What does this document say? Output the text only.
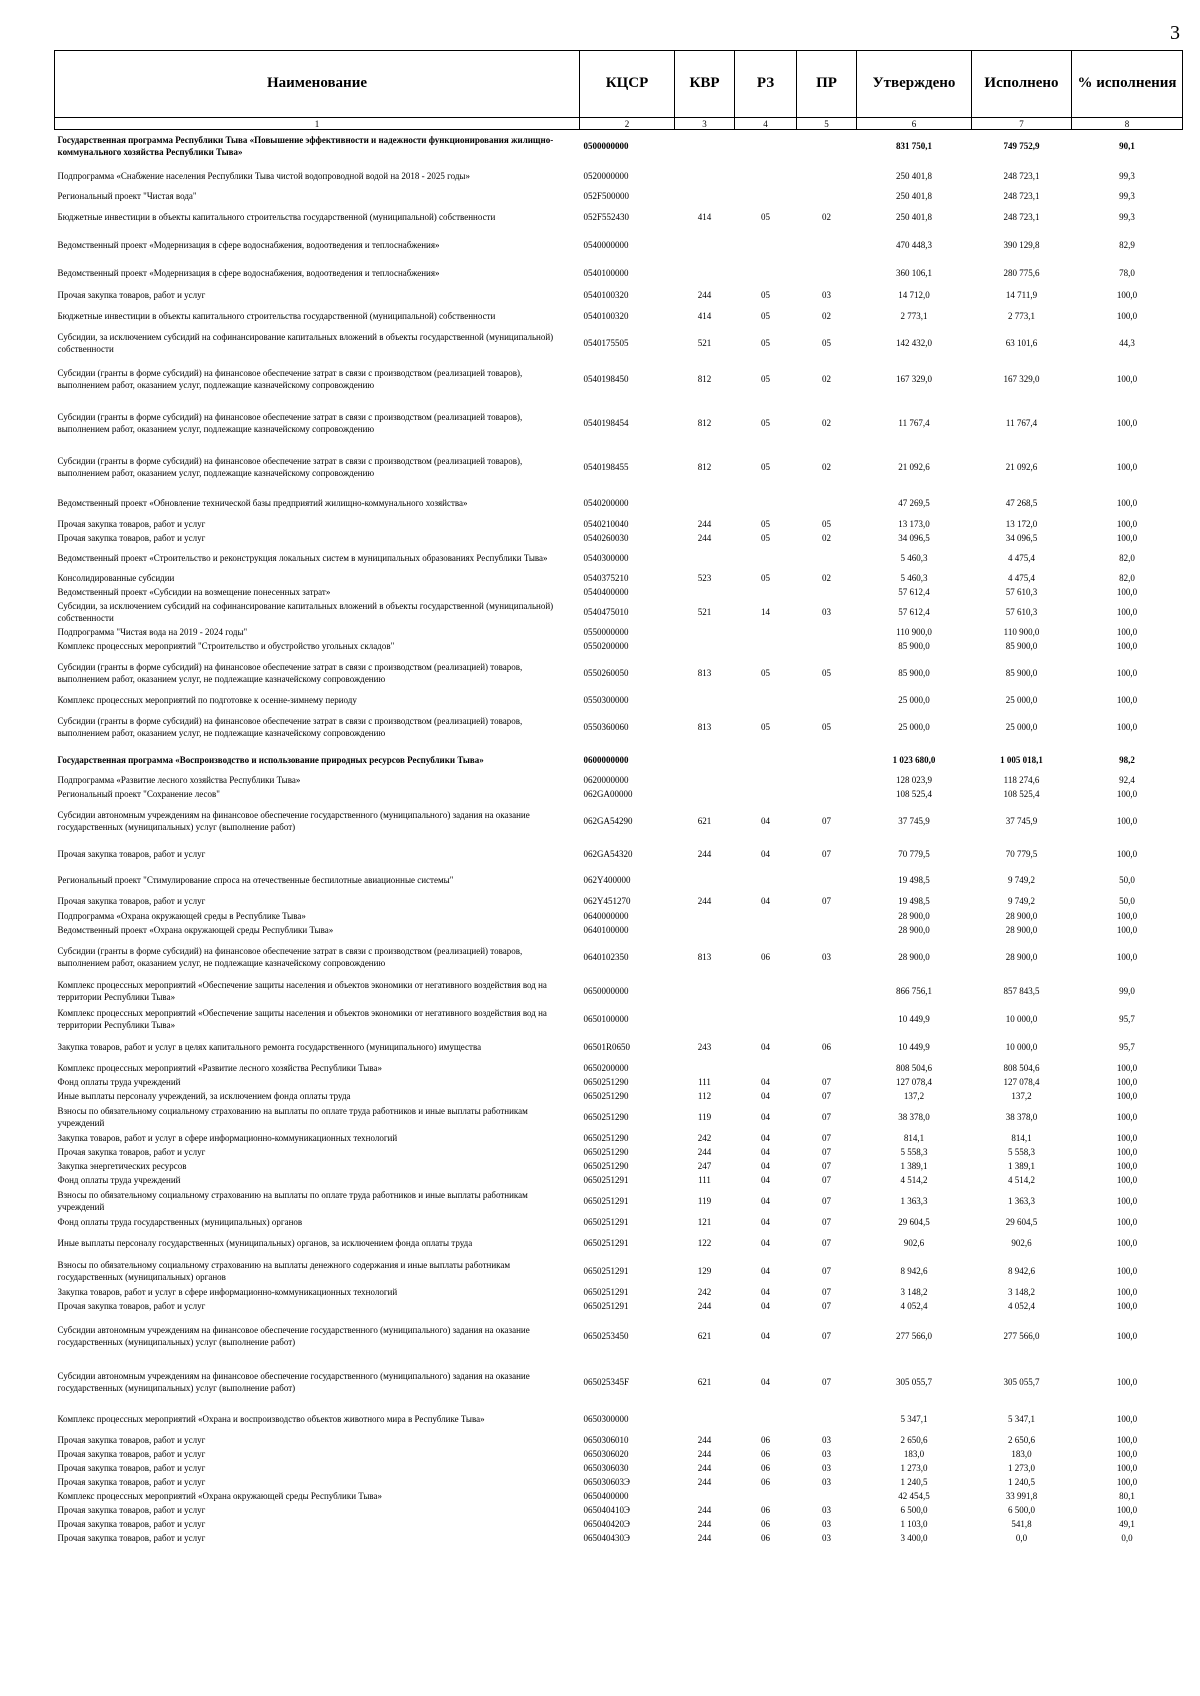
3
Наименование	КЦСР	КВР	РЗ	ПР	Утверждено	Исполнено	% исполнения
1	2	3	4	5	6	7	8
Государственная программа Республики Тыва «Повышение эффективности и надежности функционирования жилищно-коммунального хозяйства Республики Тыва»	0500000000				831 750,1	749 752,9	90,1
Подпрограмма «Снабжение населения Республики Тыва чистой водопроводной водой на 2018 - 2025 годы»	0520000000				250 401,8	248 723,1	99,3
Региональный проект "Чистая вода"	052F500000				250 401,8	248 723,1	99,3
Бюджетные инвестиции в объекты капитального строительства государственной (муниципальной) собственности	052F552430	414	05	02	250 401,8	248 723,1	99,3
Ведомственный проект «Модернизация в сфере водоснабжения, водоотведения и теплоснабжения»	0540000000				470 448,3	390 129,8	82,9
Ведомственный проект «Модернизация в сфере водоснабжения, водоотведения и теплоснабжения»	0540100000				360 106,1	280 775,6	78,0
Прочая закупка товаров, работ и услуг	0540100320	244	05	03	14 712,0	14 711,9	100,0
Бюджетные инвестиции в объекты капитального строительства государственной (муниципальной) собственности	0540100320	414	05	02	2 773,1	2 773,1	100,0
Субсидии, за исключением субсидий на софинансирование капитальных вложений в объекты государственной (муниципальной) собственности	0540175505	521	05	05	142 432,0	63 101,6	44,3
Субсидии (гранты в форме субсидий) на финансовое обеспечение затрат в связи с производством (реализацией товаров), выполнением работ, оказанием услуг, подлежащие казначейскому сопровождению	0540198450	812	05	02	167 329,0	167 329,0	100,0
Субсидии (гранты в форме субсидий) на финансовое обеспечение затрат в связи с производством (реализацией товаров), выполнением работ, оказанием услуг, подлежащие казначейскому сопровождению	0540198454	812	05	02	11 767,4	11 767,4	100,0
Субсидии (гранты в форме субсидий) на финансовое обеспечение затрат в связи с производством (реализацией товаров), выполнением работ, оказанием услуг, подлежащие казначейскому сопровождению	0540198455	812	05	02	21 092,6	21 092,6	100,0
Ведомственный проект «Обновление технической базы предприятий жилищно-коммунального хозяйства»	0540200000				47 269,5	47 268,5	100,0
Прочая закупка товаров, работ и услуг	0540210040	244	05	05	13 173,0	13 172,0	100,0
Прочая закупка товаров, работ и услуг	0540260030	244	05	02	34 096,5	34 096,5	100,0
Ведомственный проект «Строительство и реконструкция локальных систем в муниципальных образованиях Республики Тыва»	0540300000				5 460,3	4 475,4	82,0
Консолидированные субсидии	0540375210	523	05	02	5 460,3	4 475,4	82,0
Ведомственный проект «Субсидии на возмещение понесенных затрат»	0540400000				57 612,4	57 610,3	100,0
Субсидии, за исключением субсидий на софинансирование капитальных вложений в объекты государственной (муниципальной) собственности	0540475010	521	14	03	57 612,4	57 610,3	100,0
Подпрограмма "Чистая вода на 2019 - 2024 годы"	0550000000				110 900,0	110 900,0	100,0
Комплекс процессных мероприятий "Строительство и обустройство угольных складов"	0550200000				85 900,0	85 900,0	100,0
Субсидии (гранты в форме субсидий) на финансовое обеспечение затрат в связи с производством (реализацией) товаров, выполнением работ, оказанием услуг, не подлежащие казначейскому сопровождению	0550260050	813	05	05	85 900,0	85 900,0	100,0
Комплекс процессных мероприятий по подготовке к осенне-зимнему периоду	0550300000				25 000,0	25 000,0	100,0
Субсидии (гранты в форме субсидий) на финансовое обеспечение затрат в связи с производством (реализацией) товаров, выполнением работ, оказанием услуг, не подлежащие казначейскому сопровождению	0550360060	813	05	05	25 000,0	25 000,0	100,0
Государственная программа «Воспроизводство и использование природных ресурсов Республики Тыва»	0600000000				1 023 680,0	1 005 018,1	98,2
Подпрограмма «Развитие лесного хозяйства Республики Тыва»	0620000000				128 023,9	118 274,6	92,4
Региональный проект "Сохранение лесов"	062GA00000				108 525,4	108 525,4	100,0
Субсидии автономным учреждениям на финансовое обеспечение государственного (муниципального) задания на оказание государственных (муниципальных) услуг (выполнение работ)	062GA54290	621	04	07	37 745,9	37 745,9	100,0
Прочая закупка товаров, работ и услуг	062GA54320	244	04	07	70 779,5	70 779,5	100,0
Региональный проект "Стимулирование спроса на отечественные беспилотные авиационные системы"	062Y400000				19 498,5	9 749,2	50,0
Прочая закупка товаров, работ и услуг	062Y451270	244	04	07	19 498,5	9 749,2	50,0
Подпрограмма «Охрана окружающей среды в Республике Тыва»	0640000000				28 900,0	28 900,0	100,0
Ведомственный проект «Охрана окружающей среды Республики Тыва»	0640100000				28 900,0	28 900,0	100,0
Субсидии (гранты в форме субсидий) на финансовое обеспечение затрат в связи с производством (реализацией) товаров, выполнением работ, оказанием услуг, не подлежащие казначейскому сопровождению	0640102350	813	06	03	28 900,0	28 900,0	100,0
Комплекс процессных мероприятий «Обеспечение защиты населения и объектов экономики от негативного воздействия вод на территории Республики Тыва»	0650000000				866 756,1	857 843,5	99,0
Комплекс процессных мероприятий «Обеспечение защиты населения и объектов экономики от негативного воздействия вод на территории Республики Тыва»	0650100000				10 449,9	10 000,0	95,7
Закупка товаров, работ и услуг в целях капитального ремонта государственного (муниципального) имущества	06501R0650	243	04	06	10 449,9	10 000,0	95,7
Комплекс процессных мероприятий «Развитие лесного хозяйства Республики Тыва»	0650200000				808 504,6	808 504,6	100,0
Фонд оплаты труда учреждений	0650251290	111	04	07	127 078,4	127 078,4	100,0
Иные выплаты персоналу учреждений, за исключением фонда оплаты труда	0650251290	112	04	07	137,2	137,2	100,0
Взносы по обязательному социальному страхованию на выплаты по оплате труда работников и иные выплаты работникам учреждений	0650251290	119	04	07	38 378,0	38 378,0	100,0
Закупка товаров, работ и услуг в сфере информационно-коммуникационных технологий	0650251290	242	04	07	814,1	814,1	100,0
Прочая закупка товаров, работ и услуг	0650251290	244	04	07	5 558,3	5 558,3	100,0
Закупка энергетических ресурсов	0650251290	247	04	07	1 389,1	1 389,1	100,0
Фонд оплаты труда учреждений	0650251291	111	04	07	4 514,2	4 514,2	100,0
Взносы по обязательному социальному страхованию на выплаты по оплате труда работников и иные выплаты работникам учреждений	0650251291	119	04	07	1 363,3	1 363,3	100,0
Фонд оплаты труда государственных (муниципальных) органов	0650251291	121	04	07	29 604,5	29 604,5	100,0
Иные выплаты персоналу государственных (муниципальных) органов, за исключением фонда оплаты труда	0650251291	122	04	07	902,6	902,6	100,0
Взносы по обязательному социальному страхованию на выплаты денежного содержания и иные выплаты работникам государственных (муниципальных) органов	0650251291	129	04	07	8 942,6	8 942,6	100,0
Закупка товаров, работ и услуг в сфере информационно-коммуникационных технологий	0650251291	242	04	07	3 148,2	3 148,2	100,0
Прочая закупка товаров, работ и услуг	0650251291	244	04	07	4 052,4	4 052,4	100,0
Субсидии автономным учреждениям на финансовое обеспечение государственного (муниципального) задания на оказание государственных (муниципальных) услуг (выполнение работ)	0650253450	621	04	07	277 566,0	277 566,0	100,0
Субсидии автономным учреждениям на финансовое обеспечение государственного (муниципального) задания на оказание государственных (муниципальных) услуг (выполнение работ)	065025345F	621	04	07	305 055,7	305 055,7	100,0
Комплекс процессных мероприятий «Охрана и воспроизводство объектов животного мира в Республике Тыва»	0650300000				5 347,1	5 347,1	100,0
Прочая закупка товаров, работ и услуг	0650306010	244	06	03	2 650,6	2 650,6	100,0
Прочая закупка товаров, работ и услуг	0650306020	244	06	03	183,0	183,0	100,0
Прочая закупка товаров, работ и услуг	0650306030	244	06	03	1 273,0	1 273,0	100,0
Прочая закупка товаров, работ и услуг	065030603Э	244	06	03	1 240,5	1 240,5	100,0
Комплекс процессных мероприятий «Охрана окружающей среды Республики Тыва»	0650400000				42 454,5	33 991,8	80,1
Прочая закупка товаров, работ и услуг	065040410Э	244	06	03	6 500,0	6 500,0	100,0
Прочая закупка товаров, работ и услуг	065040420Э	244	06	03	1 103,0	541,8	49,1
Прочая закупка товаров, работ и услуг	065040430Э	244	06	03	3 400,0	0,0	0,0
